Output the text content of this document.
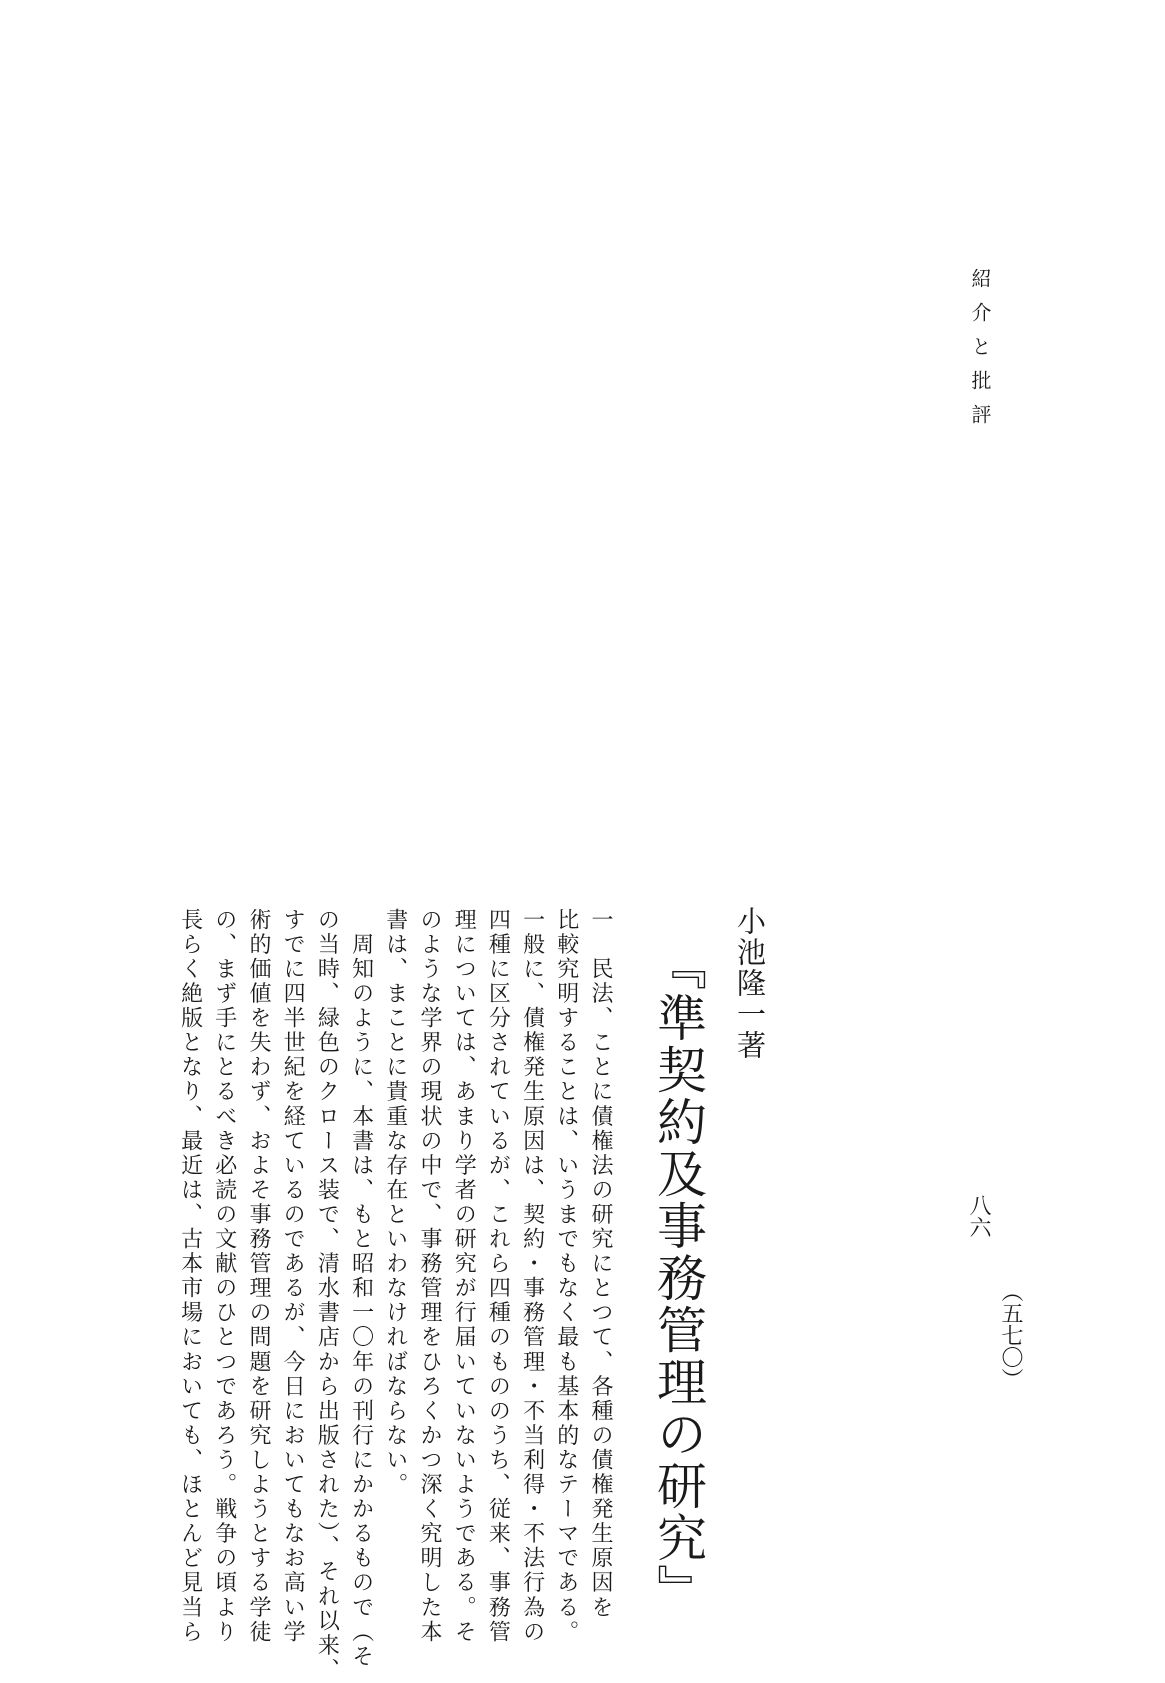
紹介と批評
八六
（五七〇）
小池隆一著
『準契約及事務管理の研究』
一　民法、ことに債権法の研究にとつて、各種の債権発生原因を
比較究明することは、いうまでもなく最も基本的なテーマである。
一般に、債権発生原因は、契約・事務管理・不当利得・不法行為の
四種に区分されているが、これら四種のもののうち、従来、事務管
理については、あまり学者の研究が行届いていないようである。そ
のような学界の現状の中で、事務管理をひろくかつ深く究明した本
書は、まことに貴重な存在といわなければならない。
　周知のように、本書は、もと昭和一〇年の刊行にかかるもので（そ
の当時、緑色のクロース装で、清水書店から出版された）、それ以来、
すでに四半世紀を経ているのであるが、今日においてもなお高い学
術的価値を失わず、およそ事務管理の問題を研究しようとする学徒
の、まず手にとるべき必読の文献のひとつであろう。戦争の頃より
長らく絶版となり、最近は、古本市場においても、ほとんど見当ら
